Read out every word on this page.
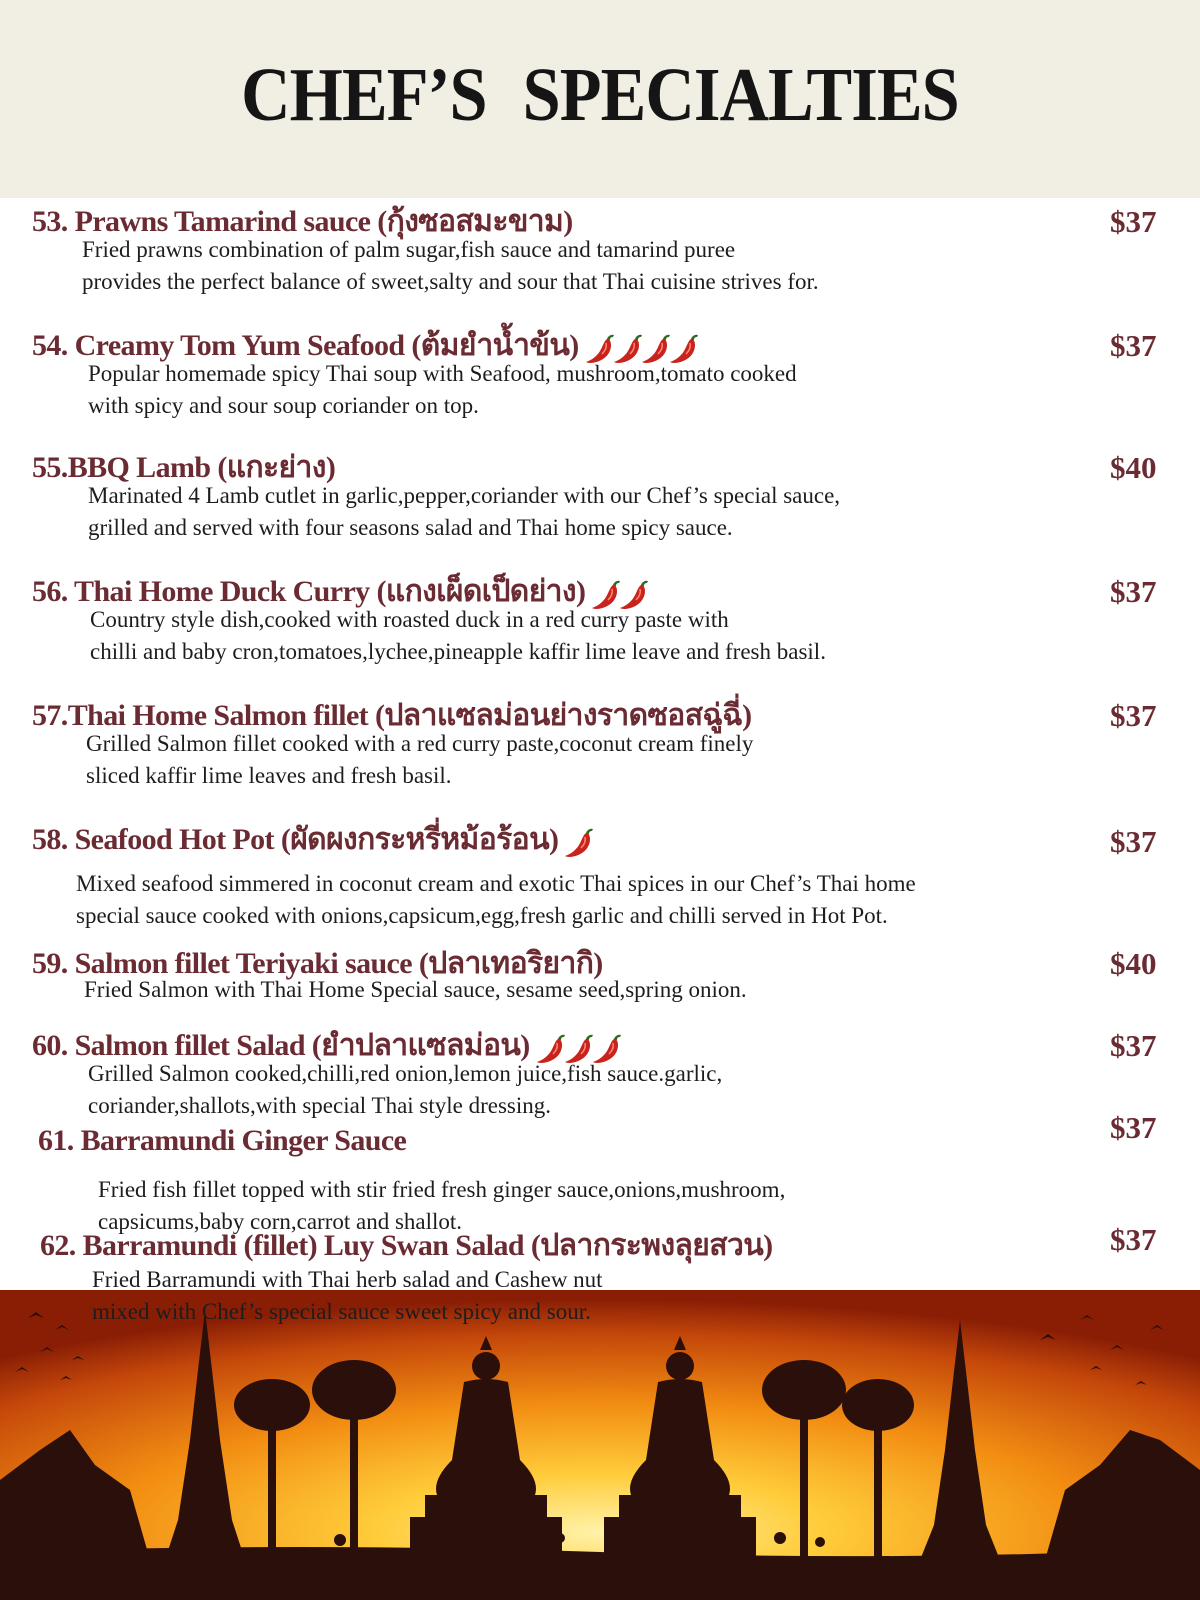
CHEF’S SPECIALTIES
53. Prawns Tamarind sauce (กุ้งซอสมะขาม)	$37
Fried prawns combination of palm sugar,fish sauce and tamarind puree
provides the perfect balance of sweet,salty and sour that Thai cuisine strives for.
54. Creamy Tom Yum Seafood (ต้มยำน้ำข้น)	$37
Popular homemade spicy Thai soup with Seafood, mushroom,tomato cooked
with spicy and sour soup coriander on top.
55.BBQ Lamb (แกะย่าง)	$40
Marinated 4 Lamb cutlet in garlic,pepper,coriander with our Chef’s special sauce,
grilled and served with four seasons salad and Thai home spicy sauce.
56. Thai Home Duck Curry (แกงเผ็ดเป็ดย่าง)	$37
Country style dish,cooked with roasted duck in a red curry paste with
chilli and baby cron,tomatoes,lychee,pineapple kaffir lime leave and fresh basil.
57.Thai Home Salmon fillet (ปลาแซลม่อนย่างราดซอสฉู่ฉี่)	$37
Grilled Salmon fillet cooked with a red curry paste,coconut cream finely
sliced kaffir lime leaves and fresh basil.
58. Seafood Hot Pot (ผัดผงกระหรี่หม้อร้อน)	$37
Mixed seafood simmered in coconut cream and exotic Thai spices in our Chef’s Thai home
special sauce cooked with onions,capsicum,egg,fresh garlic and chilli served in Hot Pot.
59. Salmon fillet Teriyaki sauce (ปลาเทอริยากิ)	$40
Fried Salmon with Thai Home Special sauce, sesame seed,spring onion.
60. Salmon fillet Salad (ยำปลาแซลม่อน)	$37
Grilled Salmon cooked,chilli,red onion,lemon juice,fish sauce.garlic,
coriander,shallots,with special Thai style dressing.
61. Barramundi Ginger Sauce	$37
Fried fish fillet topped with stir fried fresh ginger sauce,onions,mushroom,
capsicums,baby corn,carrot and shallot.
62. Barramundi (fillet) Luy Swan Salad (ปลากระพงลุยสวน)	$37
Fried Barramundi with Thai herb salad and Cashew nut
mixed with Chef’s special sauce sweet spicy and sour.
